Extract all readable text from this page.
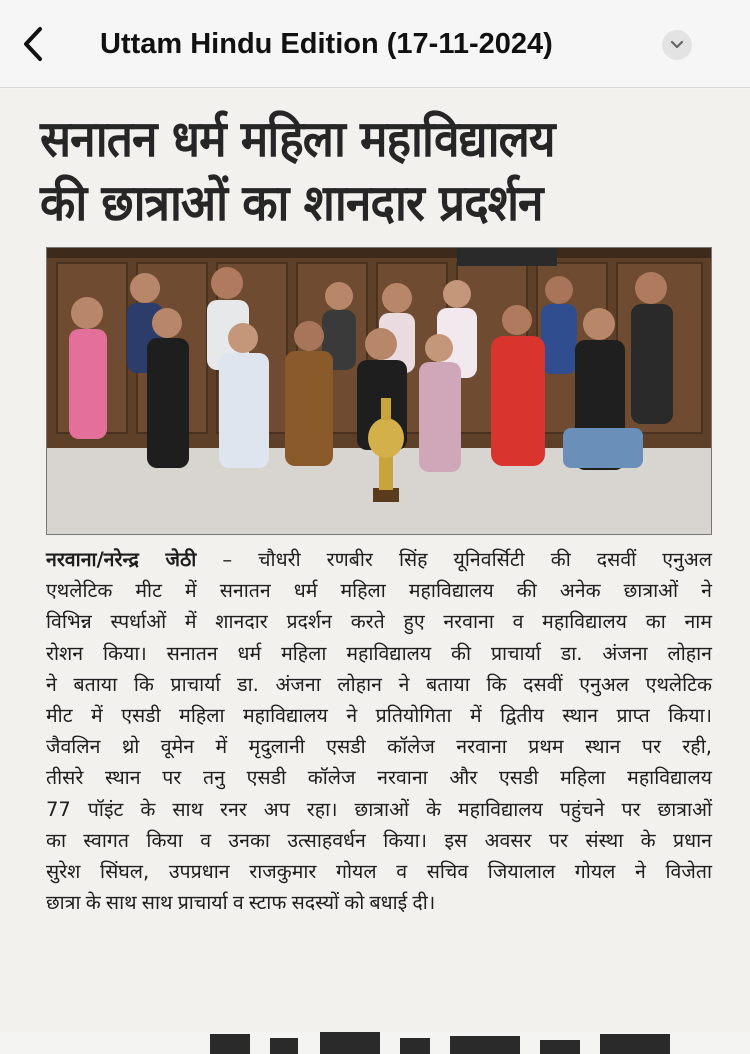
Uttam Hindu Edition (17-11-2024)
सनातन धर्म महिला महाविद्यालय
की छात्राओं का शानदार प्रदर्शन

नरवाना/नरेन्द्र जेठी – चौधरी रणबीर सिंह यूनिवर्सिटी की दसवीं एनुअल

एथलेटिक मीट में सनातन धर्म महिला महाविद्यालय की अनेक छात्राओं ने

विभिन्न स्पर्धाओं में शानदार प्रदर्शन करते हुए नरवाना व महाविद्यालय का नाम

रोशन किया। सनातन धर्म महिला महाविद्यालय की प्राचार्या डा. अंजना लोहान

ने बताया कि प्राचार्या डा. अंजना लोहान ने बताया कि दसवीं एनुअल एथलेटिक

मीट में एसडी महिला महाविद्यालय ने प्रतियोगिता में द्वितीय स्थान प्राप्त किया।

जैवलिन थ्रो वूमेन में मृदुलानी एसडी कॉलेज नरवाना प्रथम स्थान पर रही,

तीसरे स्थान पर तनु एसडी कॉलेज नरवाना और एसडी महिला महाविद्यालय

77 पॉइंट के साथ रनर अप रहा। छात्राओं के महाविद्यालय पहुंचने पर छात्राओं

का स्वागत किया व उनका उत्साहवर्धन किया। इस अवसर पर संस्था के प्रधान

सुरेश सिंघल, उपप्रधान राजकुमार गोयल व सचिव जियालाल गोयल ने विजेता

छात्रा के साथ साथ प्राचार्या व स्टाफ सदस्यों को बधाई दी।
